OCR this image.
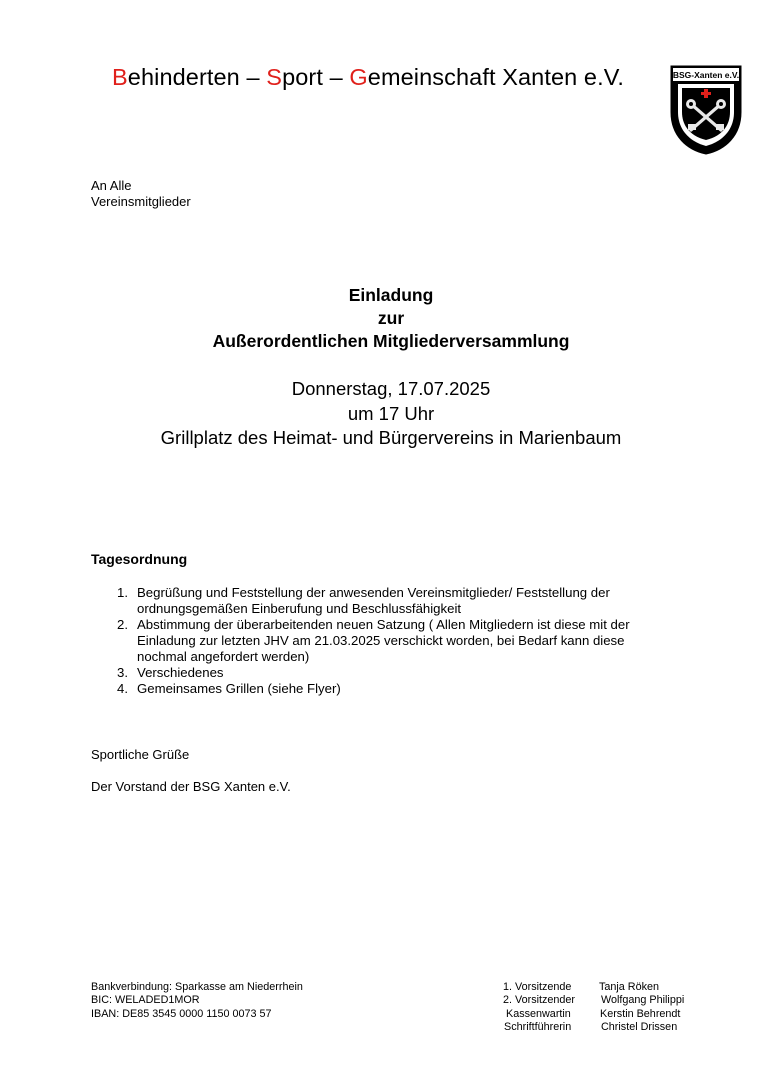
Behinderten – Sport – Gemeinschaft Xanten e.V.	BSG-Xanten e.V.
An Alle
Vereinsmitglieder
Einladung
zur
Außerordentlichen Mitgliederversammlung
Donnerstag, 17.07.2025
um 17 Uhr
Grillplatz des Heimat- und Bürgervereins in Marienbaum
Tagesordnung
1. Begrüßung und Feststellung der anwesenden Vereinsmitglieder/ Feststellung der
ordnungsgemäßen Einberufung und Beschlussfähigkeit
2. Abstimmung der überarbeitenden neuen Satzung ( Allen Mitgliedern ist diese mit der
Einladung zur letzten JHV am 21.03.2025 verschickt worden, bei Bedarf kann diese
nochmal angefordert werden)
3. Verschiedenes
4. Gemeinsames Grillen (siehe Flyer)
Sportliche Grüße
Der Vorstand der BSG Xanten e.V.
Bankverbindung: Sparkasse am Niederrhein
BIC: WELADED1MOR
IBAN: DE85 3545 0000 1150 0073 57
1. Vorsitzende	Tanja Röken
2. Vorsitzender Wolfgang Philippi
Kassenwartin	Kerstin Behrendt
Schriftführerin	Christel Drissen
